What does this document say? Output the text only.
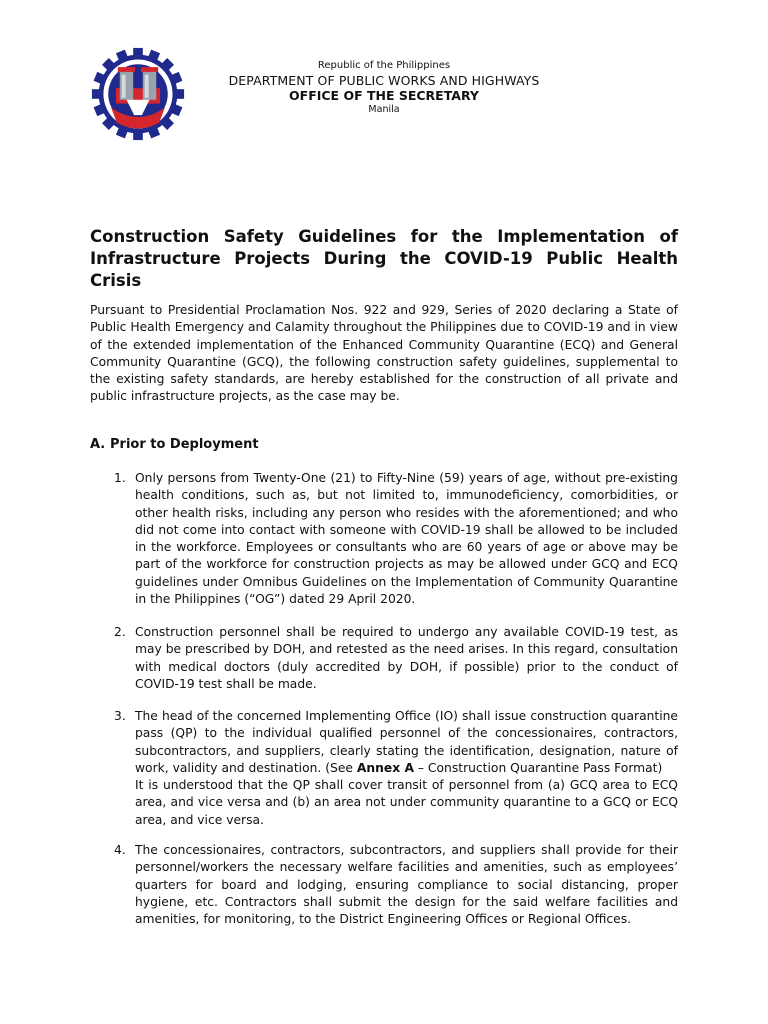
Republic of the Philippines
DEPARTMENT OF PUBLIC WORKS AND HIGHWAYS
OFFICE OF THE SECRETARY
Manila
Construction Safety Guidelines for the Implementation of Infrastructure Projects During the COVID-19 Public Health Crisis

Pursuant to Presidential Proclamation Nos. 922 and 929, Series of 2020 declaring a State of Public Health Emergency and Calamity throughout the Philippines due to COVID-19 and in view of the extended implementation of the Enhanced Community Quarantine (ECQ) and General Community Quarantine (GCQ), the following construction safety guidelines, supplemental to the existing safety standards, are hereby established for the construction of all private and public infrastructure projects, as the case may be.

A. Prior to Deployment
1. Only persons from Twenty-One (21) to Fifty-Nine (59) years of age, without pre-existing health conditions, such as, but not limited to, immunodeficiency, comorbidities, or other health risks, including any person who resides with the aforementioned; and who did not come into contact with someone with COVID-19 shall be allowed to be included in the workforce. Employees or consultants who are 60 years of age or above may be part of the workforce for construction projects as may be allowed under GCQ and ECQ guidelines under Omnibus Guidelines on the Implementation of Community Quarantine in the Philippines (“OG”) dated 29 April 2020.
2. Construction personnel shall be required to undergo any available COVID-19 test, as may be prescribed by DOH, and retested as the need arises. In this regard, consultation with medical doctors (duly accredited by DOH, if possible) prior to the conduct of COVID-19 test shall be made.
3. The head of the concerned Implementing Office (IO) shall issue construction quarantine pass (QP) to the individual qualified personnel of the concessionaires, contractors, subcontractors, and suppliers, clearly stating the identification, designation, nature of work, validity and destination. (See Annex A – Construction Quarantine Pass Format)
It is understood that the QP shall cover transit of personnel from (a) GCQ area to ECQ area, and vice versa and (b) an area not under community quarantine to a GCQ or ECQ area, and vice versa.
4. The concessionaires, contractors, subcontractors, and suppliers shall provide for their personnel/workers the necessary welfare facilities and amenities, such as employees’ quarters for board and lodging, ensuring compliance to social distancing, proper hygiene, etc. Contractors shall submit the design for the said welfare facilities and amenities, for monitoring, to the District Engineering Offices or Regional Offices.
